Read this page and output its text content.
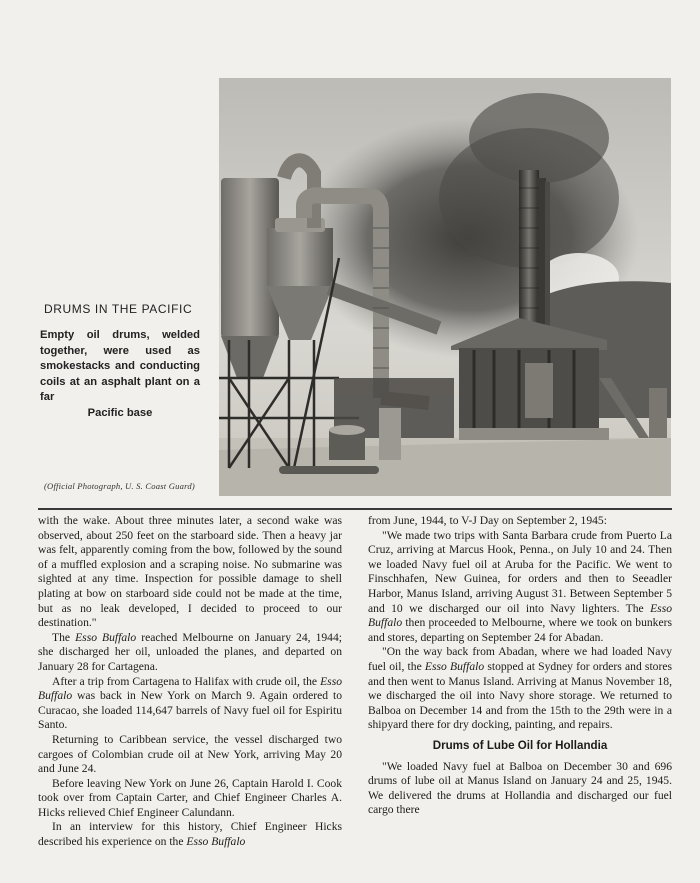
DRUMS IN THE PACIFIC

Empty oil drums, welded together, were used as smokestacks and conducting coils at an asphalt plant on a far
Pacific base

(Official Photograph, U. S. Coast Guard)

with the wake. About three minutes later, a second wake was observed, about 250 feet on the starboard side. Then a heavy jar was felt, apparently coming from the bow, followed by the sound of a muffled explosion and a scraping noise. No submarine was sighted at any time. Inspection for possible damage to shell plating at bow on starboard side could not be made at the time, but as no leak developed, I decided to proceed to our destination."

The Esso Buffalo reached Melbourne on January 24, 1944; she discharged her oil, unloaded the planes, and departed on January 28 for Cartagena.

After a trip from Cartagena to Halifax with crude oil, the Esso Buffalo was back in New York on March 9. Again ordered to Curacao, she loaded 114,647 barrels of Navy fuel oil for Espiritu Santo.

Returning to Caribbean service, the vessel discharged two cargoes of Colombian crude oil at New York, arriving May 20 and June 24.

Before leaving New York on June 26, Captain Harold I. Cook took over from Captain Carter, and Chief Engineer Charles A. Hicks relieved Chief Engineer Calundann.

In an interview for this history, Chief Engineer Hicks described his experience on the Esso Buffalo

from June, 1944, to V-J Day on September 2, 1945:

"We made two trips with Santa Barbara crude from Puerto La Cruz, arriving at Marcus Hook, Penna., on July 10 and 24. Then we loaded Navy fuel oil at Aruba for the Pacific. We went to Finschhafen, New Guinea, for orders and then to Seeadler Harbor, Manus Island, arriving August 31. Between September 5 and 10 we discharged our oil into Navy lighters. The Esso Buffalo then proceeded to Melbourne, where we took on bunkers and stores, departing on September 24 for Abadan.

"On the way back from Abadan, where we had loaded Navy fuel oil, the Esso Buffalo stopped at Sydney for orders and stores and then went to Manus Island. Arriving at Manus November 18, we discharged the oil into Navy shore storage. We returned to Balboa on December 14 and from the 15th to the 29th were in a shipyard there for dry docking, painting, and repairs.

Drums of Lube Oil for Hollandia

"We loaded Navy fuel at Balboa on December 30 and 696 drums of lube oil at Manus Island on January 24 and 25, 1945. We delivered the drums at Hollandia and discharged our fuel cargo there
